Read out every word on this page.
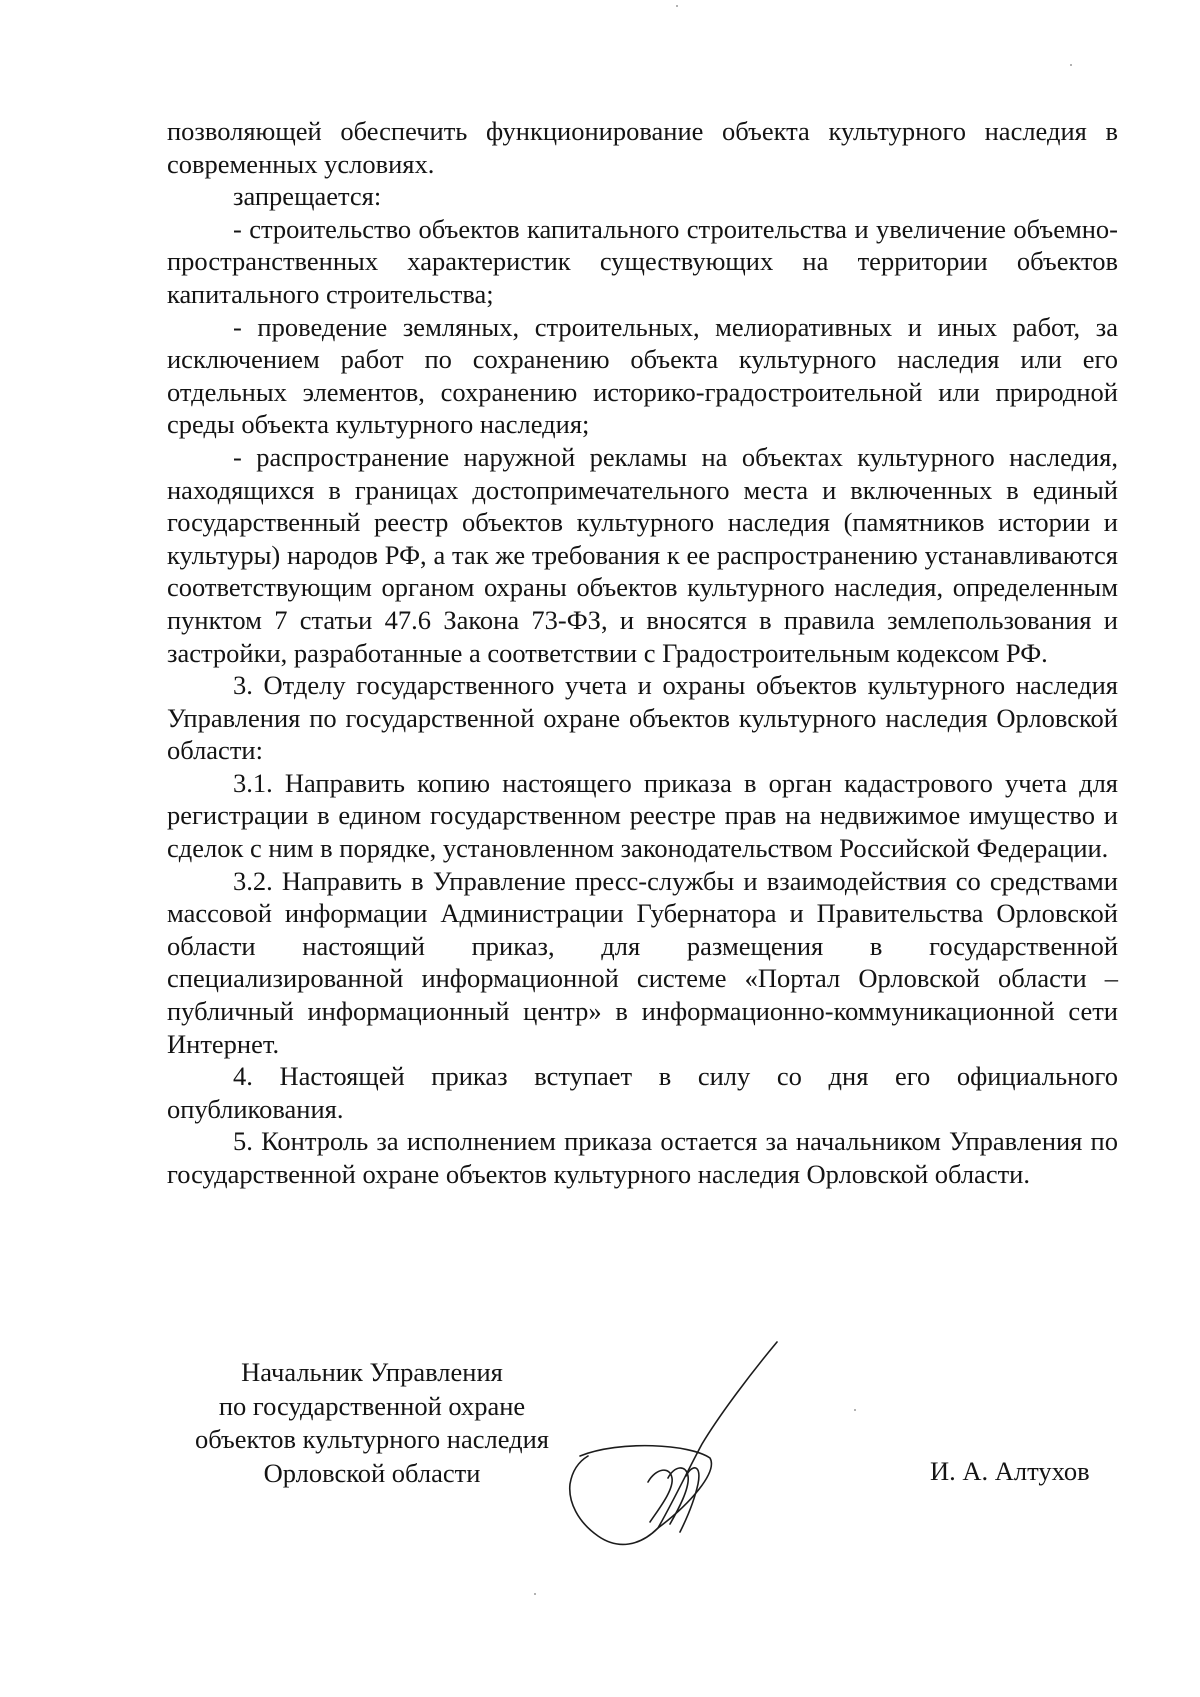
позволяющей обеспечить функционирование объекта культурного наследия в современных условиях.

запрещается:

- строительство объектов капитального строительства и увеличение объемно-пространственных характеристик существующих на территории объектов капитального строительства;

- проведение земляных, строительных, мелиоративных и иных работ, за исключением работ по сохранению объекта культурного наследия или его отдельных элементов, сохранению историко-градостроительной или природной среды объекта культурного наследия;

- распространение наружной рекламы на объектах культурного наследия, находящихся в границах достопримечательного места и включенных в единый государственный реестр объектов культурного наследия (памятников истории и культуры) народов РФ, а так же требования к ее распространению устанавливаются соответствующим органом охраны объектов культурного наследия, определенным пунктом 7 статьи 47.6 Закона 73-ФЗ, и вносятся в правила землепользования и застройки, разработанные а соответствии с Градостроительным кодексом РФ.

3. Отделу государственного учета и охраны объектов культурного наследия Управления по государственной охране объектов культурного наследия Орловской области:

3.1. Направить копию настоящего приказа в орган кадастрового учета для регистрации в едином государственном реестре прав на недвижимое имущество и сделок с ним в порядке, установленном законодательством Российской Федерации.

3.2. Направить в Управление пресс-службы и взаимодействия со средствами массовой информации Администрации Губернатора и Правительства Орловской области настоящий приказ, для размещения в государственной специализированной информационной системе «Портал Орловской области – публичный информационный центр» в информационно-коммуникационной сети Интернет.

4. Настоящей приказ вступает в силу со дня его официального опубликования.

5. Контроль за исполнением приказа остается за начальником Управления по государственной охране объектов культурного наследия Орловской области.

Начальник Управления
по государственной охране
объектов культурного наследия
Орловской области	И. А. Алтухов
